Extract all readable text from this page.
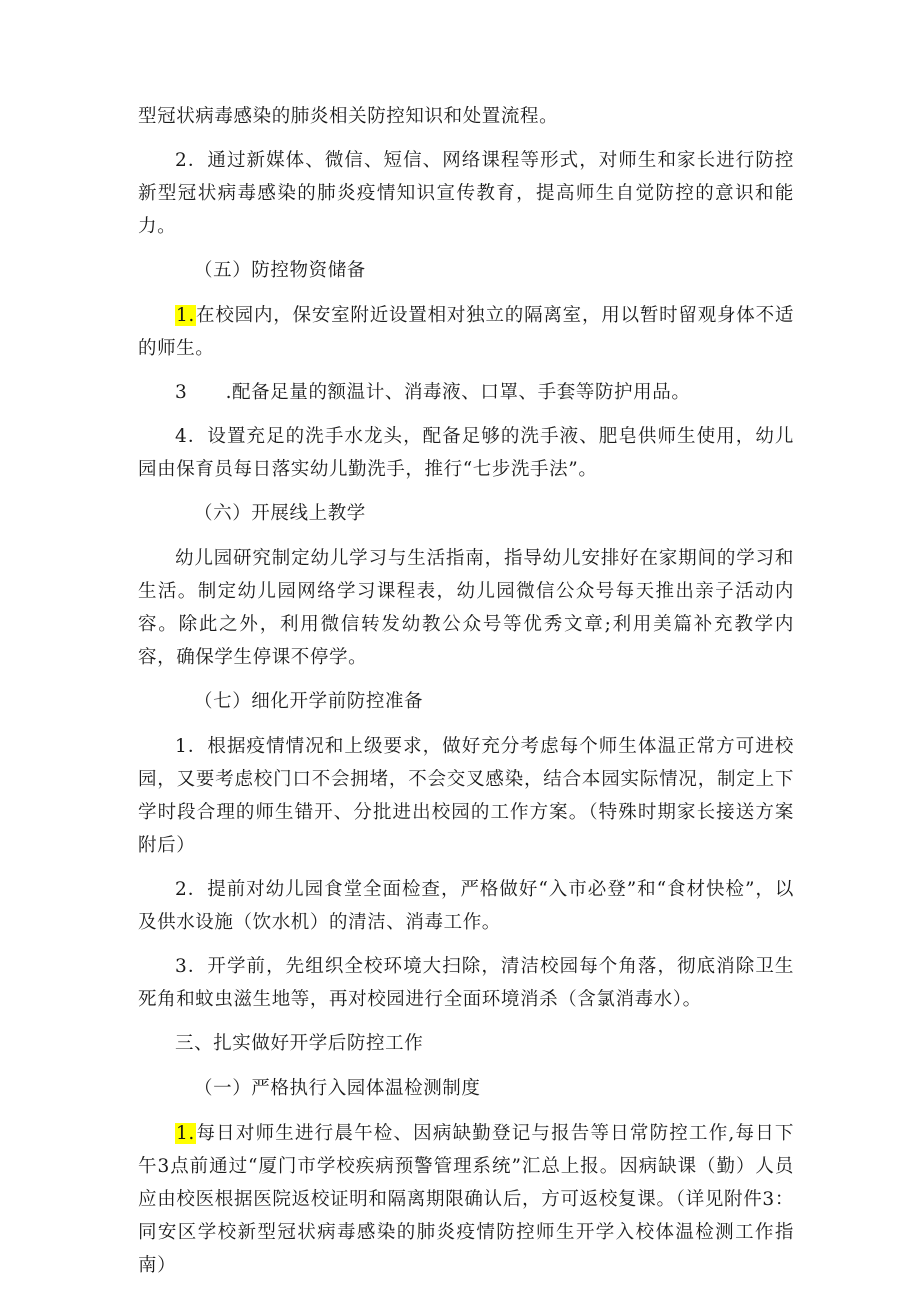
型冠状病毒感染的肺炎相关防控知识和处置流程。

2．通过新媒体、微信、短信、网络课程等形式，对师生和家长进行防控新型冠状病毒感染的肺炎疫情知识宣传教育，提高师生自觉防控的意识和能力。

（五）防控物资储备

1.在校园内，保安室附近设置相对独立的隔离室，用以暂时留观身体不适的师生。

3　　.配备足量的额温计、消毒液、口罩、手套等防护用品。

4．设置充足的洗手水龙头，配备足够的洗手液、肥皂供师生使用，幼儿园由保育员每日落实幼儿勤洗手，推行“七步洗手法”。

（六）开展线上教学

幼儿园研究制定幼儿学习与生活指南，指导幼儿安排好在家期间的学习和生活。制定幼儿园网络学习课程表，幼儿园微信公众号每天推出亲子活动内容。除此之外，利用微信转发幼教公众号等优秀文章;利用美篇补充教学内容，确保学生停课不停学。

（七）细化开学前防控准备

1．根据疫情情况和上级要求，做好充分考虑每个师生体温正常方可进校园，又要考虑校门口不会拥堵，不会交叉感染，结合本园实际情况，制定上下学时段合理的师生错开、分批进出校园的工作方案。（特殊时期家长接送方案附后）

2．提前对幼儿园食堂全面检查，严格做好“入市必登”和“食材快检”，以及供水设施（饮水机）的清洁、消毒工作。

3．开学前，先组织全校环境大扫除，清洁校园每个角落，彻底消除卫生死角和蚊虫滋生地等，再对校园进行全面环境消杀（含氯消毒水）。

三、扎实做好开学后防控工作

（一）严格执行入园体温检测制度

1.每日对师生进行晨午检、因病缺勤登记与报告等日常防控工作,每日下午3点前通过“厦门市学校疾病预警管理系统”汇总上报。因病缺课（勤）人员应由校医根据医院返校证明和隔离期限确认后，方可返校复课。（详见附件3：同安区学校新型冠状病毒感染的肺炎疫情防控师生开学入校体温检测工作指南）
